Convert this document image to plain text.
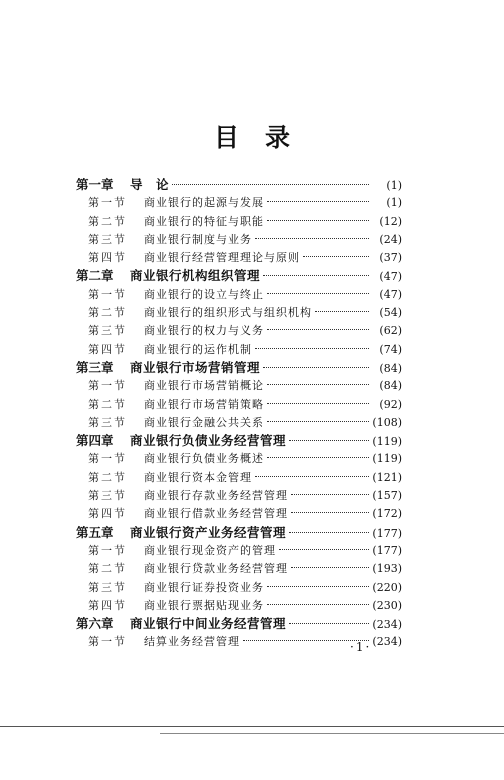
目录
第一章	导　论	(1)
第一节	商业银行的起源与发展	(1)
第二节	商业银行的特征与职能	(12)
第三节	商业银行制度与业务	(24)
第四节	商业银行经营管理理论与原则	(37)
第二章	商业银行机构组织管理	(47)
第一节	商业银行的设立与终止	(47)
第二节	商业银行的组织形式与组织机构	(54)
第三节	商业银行的权力与义务	(62)
第四节	商业银行的运作机制	(74)
第三章	商业银行市场营销管理	(84)
第一节	商业银行市场营销概论	(84)
第二节	商业银行市场营销策略	(92)
第三节	商业银行金融公共关系	(108)
第四章	商业银行负债业务经营管理	(119)
第一节	商业银行负债业务概述	(119)
第二节	商业银行资本金管理	(121)
第三节	商业银行存款业务经营管理	(157)
第四节	商业银行借款业务经营管理	(172)
第五章	商业银行资产业务经营管理	(177)
第一节	商业银行现金资产的管理	(177)
第二节	商业银行贷款业务经营管理	(193)
第三节	商业银行证券投资业务	(220)
第四节	商业银行票据贴现业务	(230)
第六章	商业银行中间业务经营管理	(234)
第一节	结算业务经营管理	(234)
·1·
